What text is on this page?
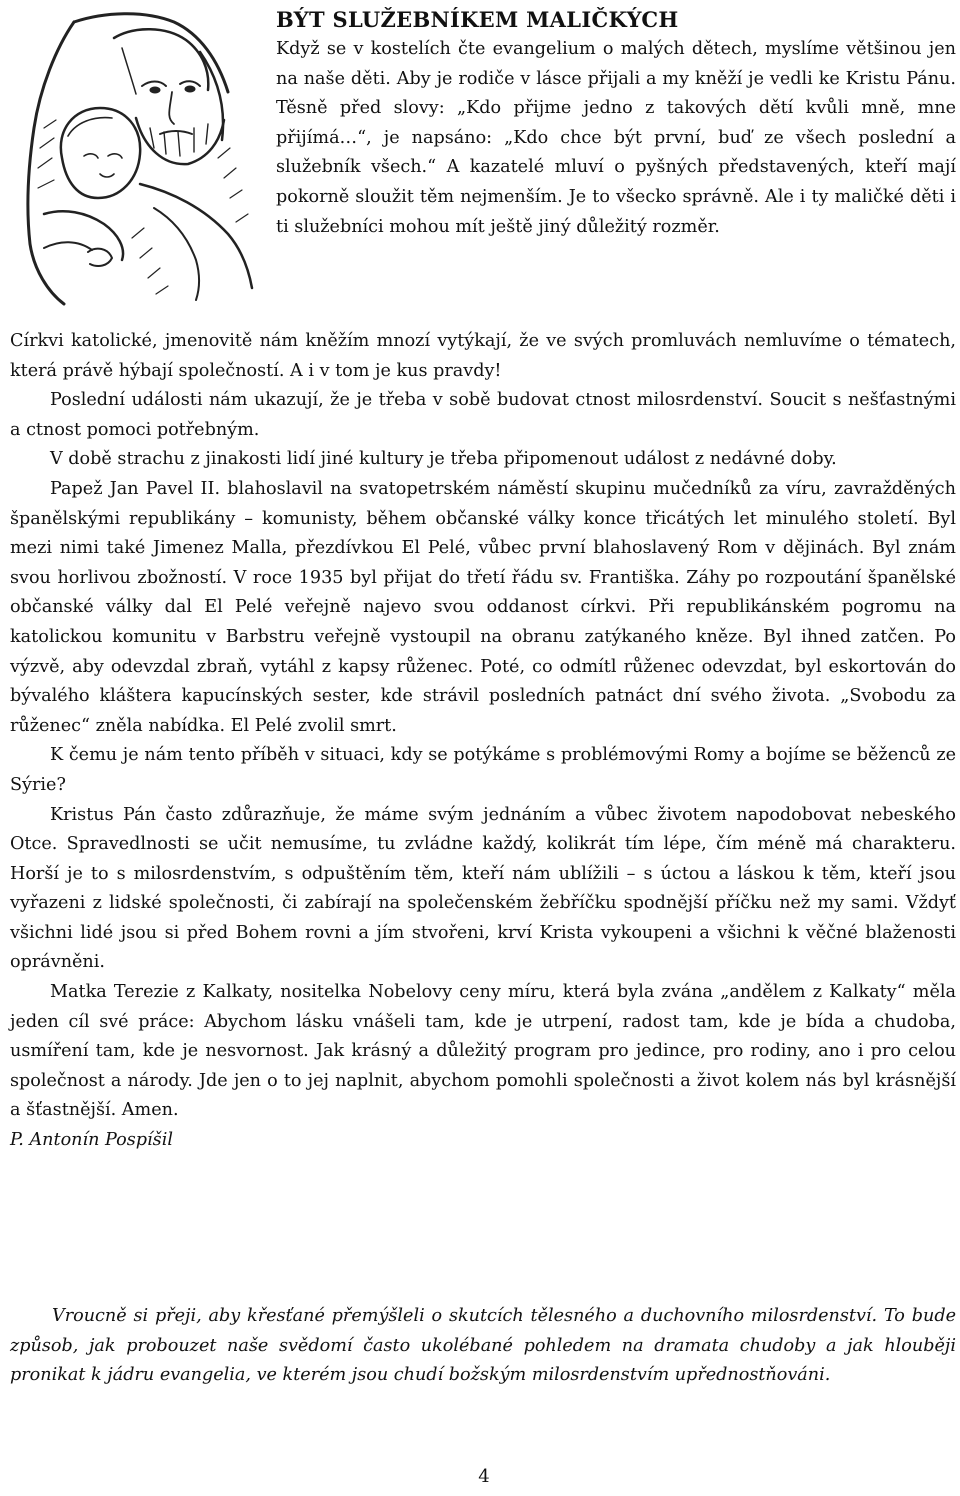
BÝT SLUŽEBNÍKEM MALIČKÝCH

Když se v kostelích čte evangelium o malých dětech, myslíme většinou jen na naše děti. Aby je rodiče v lásce přijali a my kněží je vedli ke Kristu Pánu. Těsně před slovy: „Kdo přijme jedno z takových dětí kvůli mně, mne přijímá…“, je napsáno: „Kdo chce být první, buď ze všech poslední a služebník všech.“ A kazatelé mluví o pyšných představených, kteří mají pokorně sloužit těm nejmenším. Je to všecko správně. Ale i ty maličké děti i ti služebníci mohou mít ještě jiný důležitý rozměr.

Církvi katolické, jmenovitě nám kněžím mnozí vytýkají, že ve svých promluvách nemluvíme o tématech, která právě hýbají společností. A i v tom je kus pravdy!

Poslední události nám ukazují, že je třeba v sobě budovat ctnost milosrdenství. Soucit s nešťastnými a ctnost pomoci potřebným.

V době strachu z jinakosti lidí jiné kultury je třeba připomenout událost z nedávné doby.

Papež Jan Pavel II. blahoslavil na svatopetrském náměstí skupinu mučedníků za víru, zavražděných španělskými republikány – komunisty, během občanské války konce třicátých let minulého století. Byl mezi nimi také Jimenez Malla, přezdívkou El Pelé, vůbec první blahoslavený Rom v dějinách. Byl znám svou horlivou zbožností. V roce 1935 byl přijat do třetí řádu sv. Františka. Záhy po rozpoutání španělské občanské války dal El Pelé veřejně najevo svou oddanost církvi. Při republikánském pogromu na katolickou komunitu v Barbstru veřejně vystoupil na obranu zatýkaného kněze. Byl ihned zatčen. Po výzvě, aby odevzdal zbraň, vytáhl z kapsy růženec. Poté, co odmítl růženec odevzdat, byl eskortován do bývalého kláštera kapucínských sester, kde strávil posledních patnáct dní svého života. „Svobodu za růženec“ zněla nabídka. El Pelé zvolil smrt.

K čemu je nám tento příběh v situaci, kdy se potýkáme s problémovými Romy a bojíme se běženců ze Sýrie?

Kristus Pán často zdůrazňuje, že máme svým jednáním a vůbec životem napodobovat nebeského Otce. Spravedlnosti se učit nemusíme, tu zvládne každý, kolikrát tím lépe, čím méně má charakteru. Horší je to s milosrdenstvím, s odpuštěním těm, kteří nám ublížili – s úctou a láskou k těm, kteří jsou vyřazeni z lidské společnosti, či zabírají na společenském žebříčku spodnější příčku než my sami. Vždyť všichni lidé jsou si před Bohem rovni a jím stvořeni, krví Krista vykoupeni a všichni k věčné blaženosti oprávněni.

Matka Terezie z Kalkaty, nositelka Nobelovy ceny míru, která byla zvána „andělem z Kalkaty“ měla jeden cíl své práce: Abychom lásku vnášeli tam, kde je utrpení, radost tam, kde je bída a chudoba, usmíření tam, kde je nesvornost. Jak krásný a důležitý program pro jedince, pro rodiny, ano i pro celou společnost a národy. Jde jen o to jej naplnit, abychom pomohli společnosti a život kolem nás byl krásnější a šťastnější. Amen.

P. Antonín Pospíšil

Vroucně si přeji, aby křesťané přemýšleli o skutcích tělesného a duchovního milosrdenství. To bude způsob, jak probouzet naše svědomí často ukolébané pohledem na dramata chudoby a jak hlouběji pronikat k jádru evangelia, ve kterém jsou chudí božským milosrdenstvím upřednostňováni.

4
